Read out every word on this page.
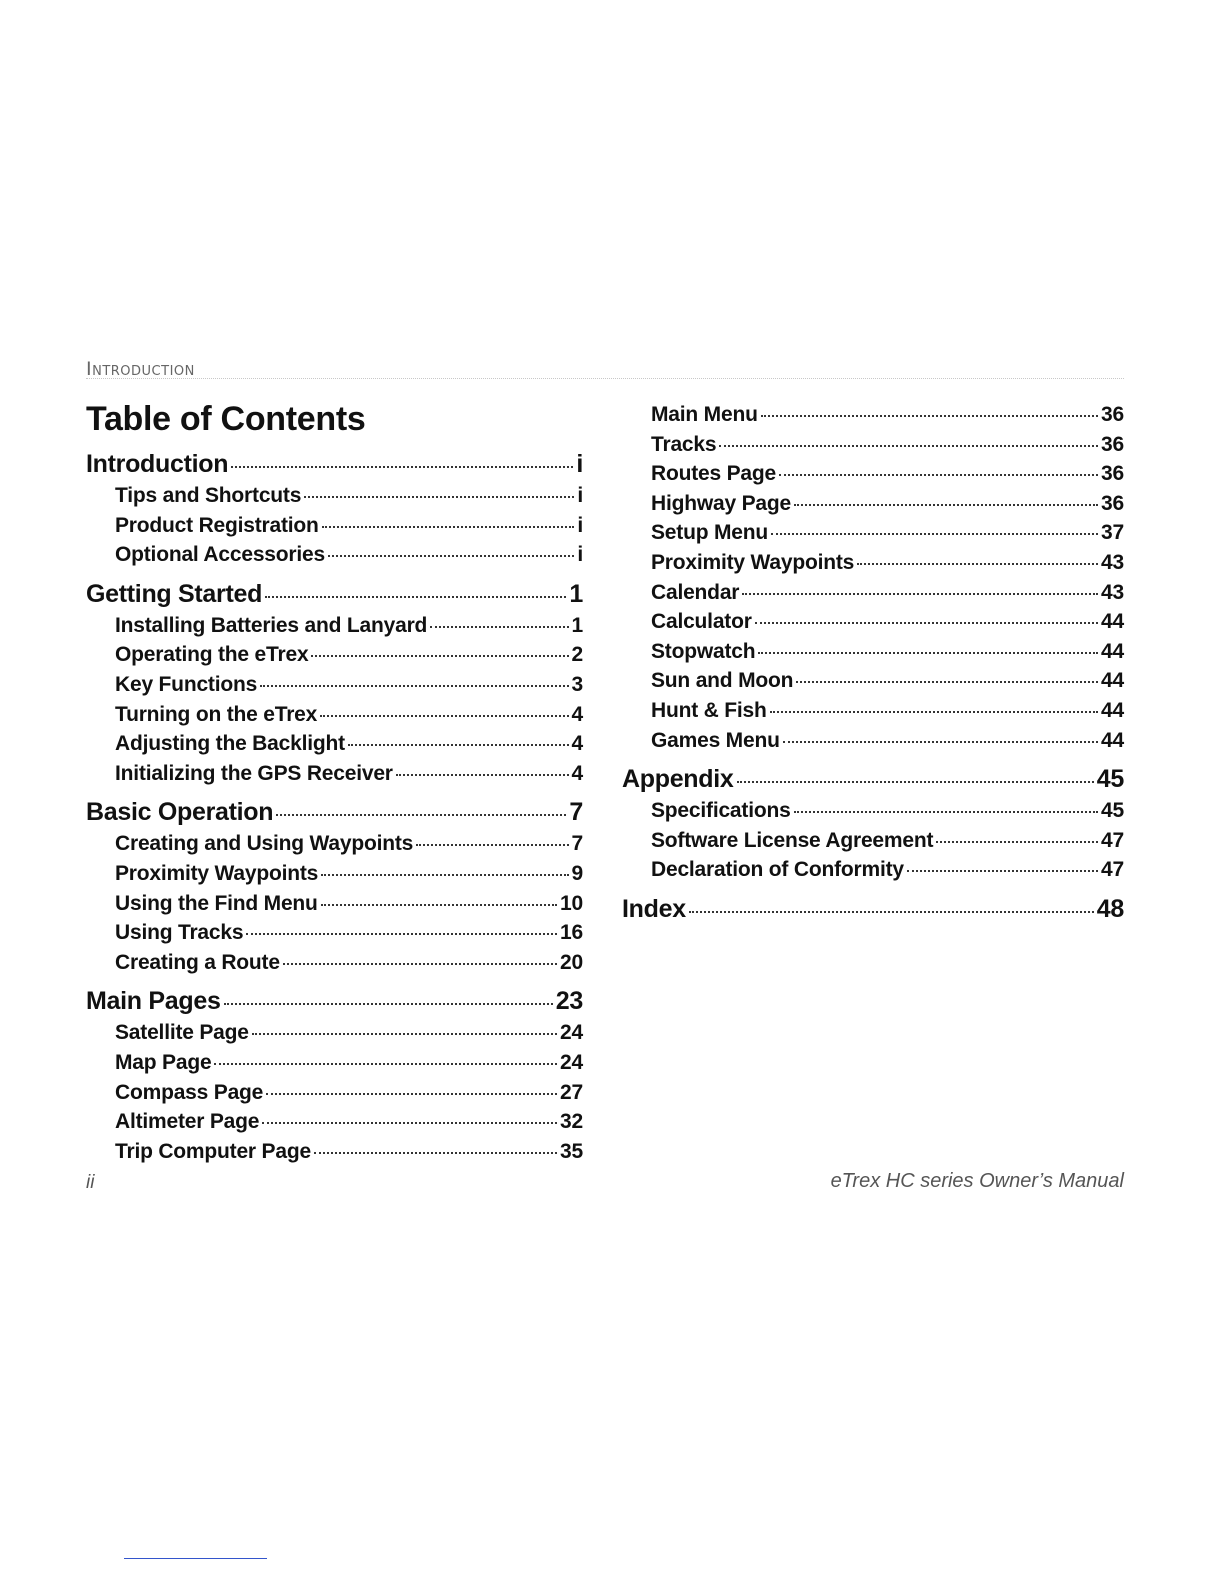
Introduction
Table of Contents
Introduction	i
Tips and Shortcuts	i
Product Registration	i
Optional Accessories	i
Getting Started	1
Installing Batteries and Lanyard	1
Operating the eTrex	2
Key Functions	3
Turning on the eTrex	4
Adjusting the Backlight	4
Initializing the GPS Receiver	4
Basic Operation	7
Creating and Using Waypoints	7
Proximity Waypoints	9
Using the Find Menu	10
Using Tracks	16
Creating a Route	20
Main Pages	23
Satellite Page	24
Map Page	24
Compass Page	27
Altimeter Page	32
Trip Computer Page	35
Main Menu	36
Tracks	36
Routes Page	36
Highway Page	36
Setup Menu	37
Proximity Waypoints	43
Calendar	43
Calculator	44
Stopwatch	44
Sun and Moon	44
Hunt & Fish	44
Games Menu	44
Appendix	45
Specifications	45
Software License Agreement	47
Declaration of Conformity	47
Index	48
ii	eTrex HC series Owner’s Manual
